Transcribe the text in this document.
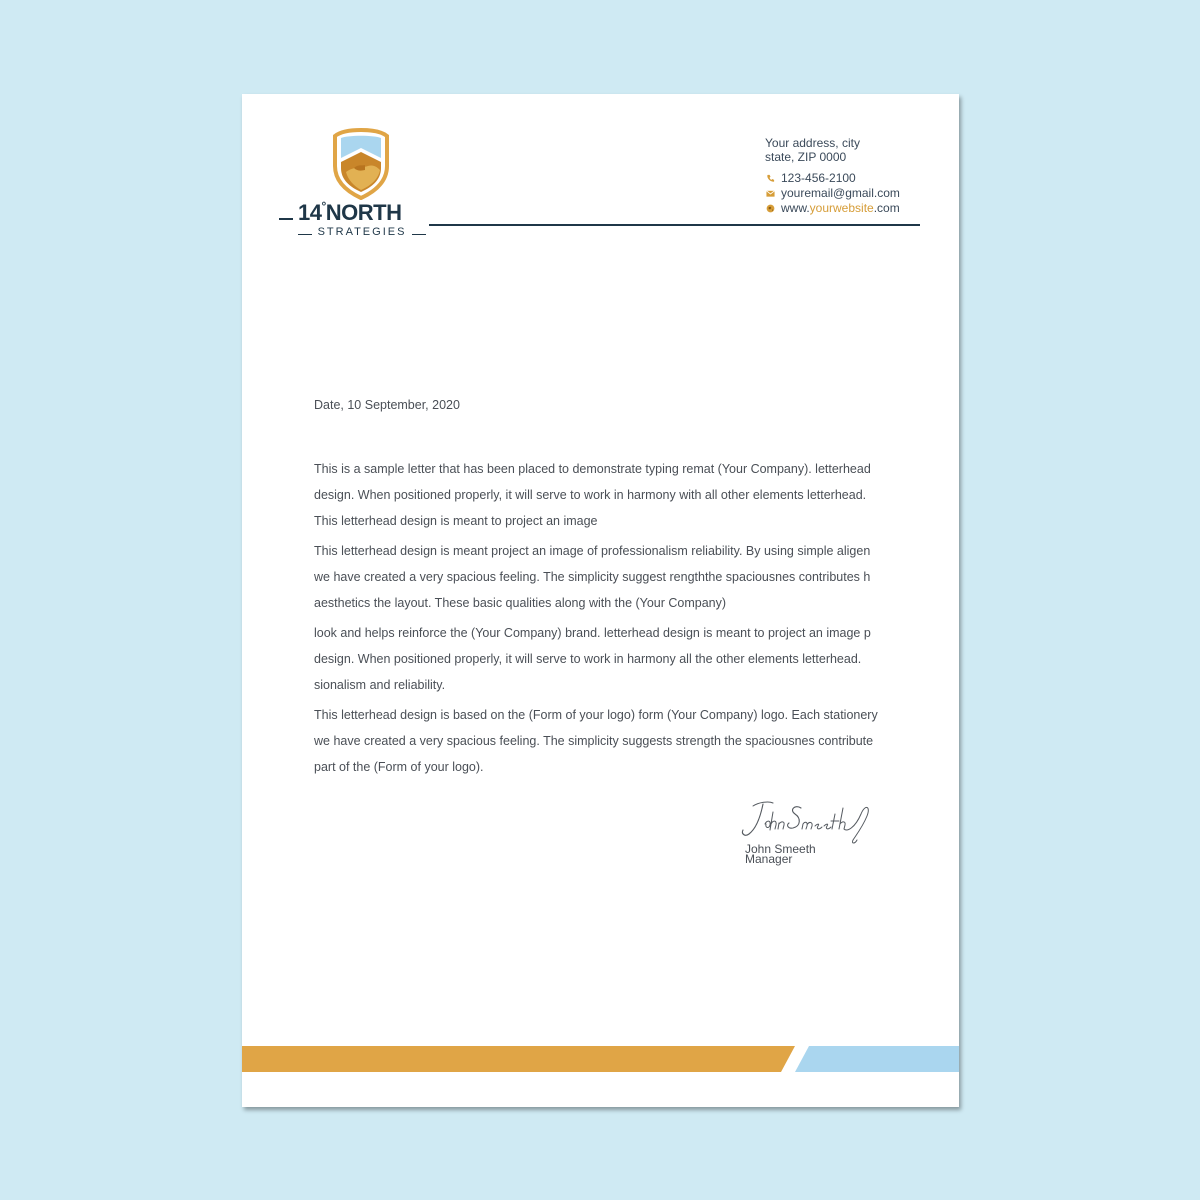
14°NORTH
STRATEGIES
Your address, city
state, ZIP 0000
123-456-2100
youremail@gmail.com
www.yourwebsite.com
Date, 10 September, 2020
This is a sample letter that has been placed to demonstrate typing remat (Your Company). letterhead
design. When positioned properly, it will serve to work in harmony with all other elements letterhead.
This letterhead design is meant to project an image
This letterhead design is meant project an image of professionalism reliability. By using simple aligen
we have created a very spacious feeling. The simplicity suggest rengththe spaciousnes contributes h
aesthetics the layout. These basic qualities along with the (Your Company)
look and helps reinforce the (Your Company) brand. letterhead design is meant to project an image p
design. When positioned properly, it will serve to work in harmony all the other elements letterhead.
sionalism and reliability.
This letterhead design is based on the (Form of your logo) form (Your Company) logo. Each stationery
we have created a very spacious feeling. The simplicity suggests strength the spaciousnes contribute
part of the (Form of your logo).
John Smeeth
Manager
